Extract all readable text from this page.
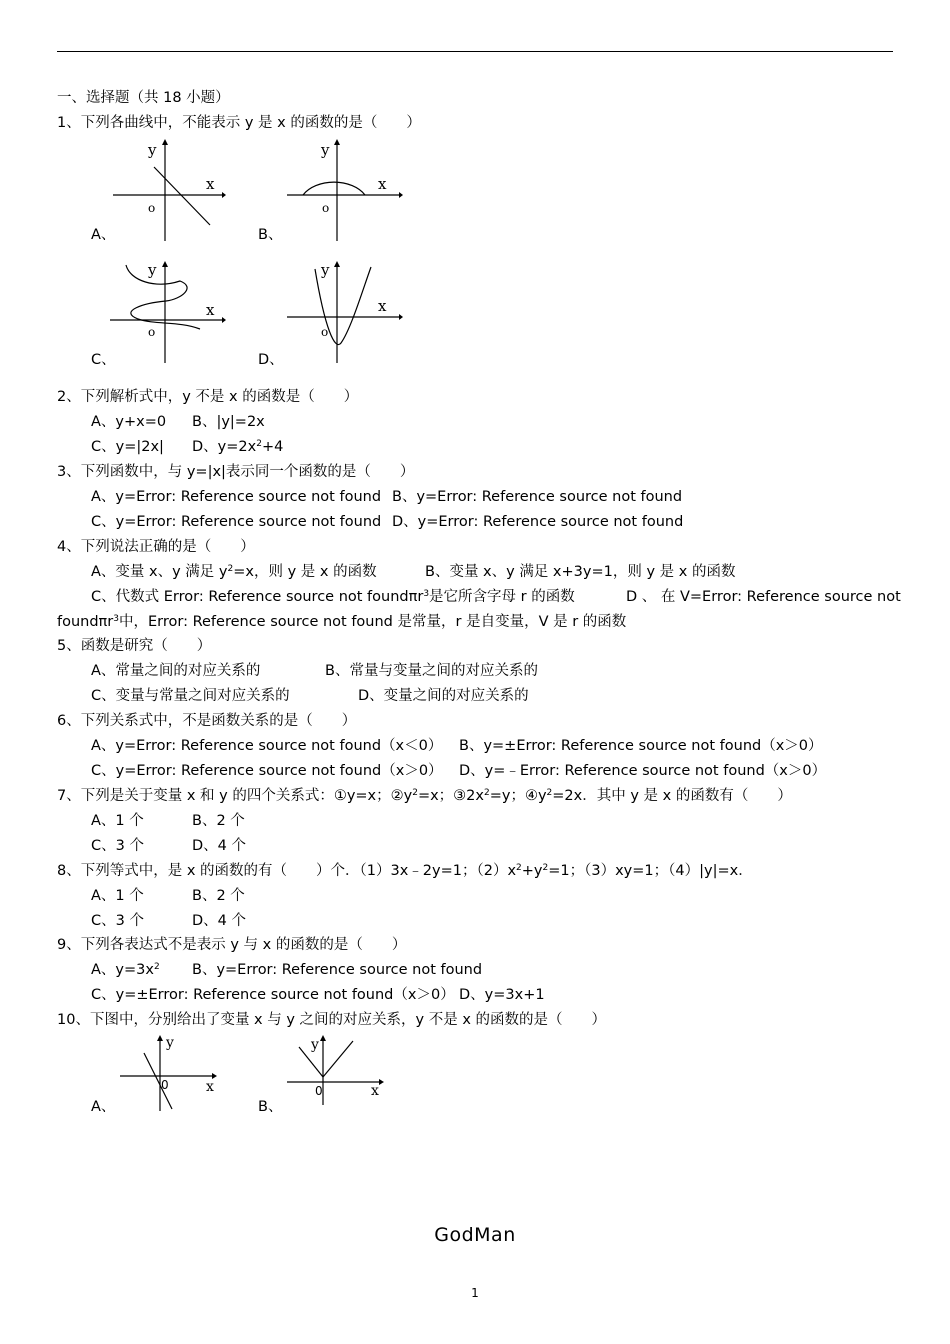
一、选择题（共 18 小题）
1、下列各曲线中，不能表示 y 是 x 的函数的是（　　）
y
x
o
A、
y
x
o
B、
y
x
o
C、
y
x
o
D、
2、下列解析式中，y 不是 x 的函数是（　　）
A、y+x=0 B、|y|=2x
C、y=|2x| D、$y=2x^2+4$
3、下列函数中，与 y=|x|表示同一个函数的是（　　）
A、y=Error: Reference source not found B、y=Error: Reference source not found
C、y=Error: Reference source not found D、y=Error: Reference source not found
4、下列说法正确的是（　　）
A、变量 x、y 满足 $y^2=x$，则 y 是 x 的函数	B、变量 x、y 满足 x+3y=1，则 y 是 x 的函数
C、代数式 Error: Reference source not foundπr$^3$是它所含字母 r 的函数	D 、 在 V=Error: Reference source not
foundπr$^3$中，Error: Reference source not found 是常量，r 是自变量，V 是 r 的函数
5、函数是研究（　　）
A、常量之间的对应关系的	B、常量与变量之间的对应关系的
C、变量与常量之间对应关系的	D、变量之间的对应关系的
6、下列关系式中，不是函数关系的是（　　）
A、y=Error: Reference source not found（x＜0） B、y=±Error: Reference source not found（x＞0）
C、y=Error: Reference source not found（x＞0） D、y=﹣Error: Reference source not found（x＞0）
7、下列是关于变量 x 和 y 的四个关系式：①y=x；$②y^2=x$；$③2x^2=y$；$④y^2=2x$．其中 y 是 x 的函数有（　　）
A、1 个	B、2 个
C、3 个	D、4 个
8、下列等式中，是 x 的函数的有（　　）个．（1）3x﹣2y=1；$(2)x^2+y^2=1$；（3）xy=1；（4）|y|=x．
A、1 个	B、2 个
C、3 个	D、4 个
9、下列各表达式不是表示 y 与 x 的函数的是（　　）
A、$y=3x^2$ B、y=Error: Reference source not found
C、y=±Error: Reference source not found（x＞0） D、y=3x+1
10、下图中，分别给出了变量 x 与 y 之间的对应关系，y 不是 x 的函数的是（　　）
y
x
0
A、
y
x
0
B、
GodMan
1
